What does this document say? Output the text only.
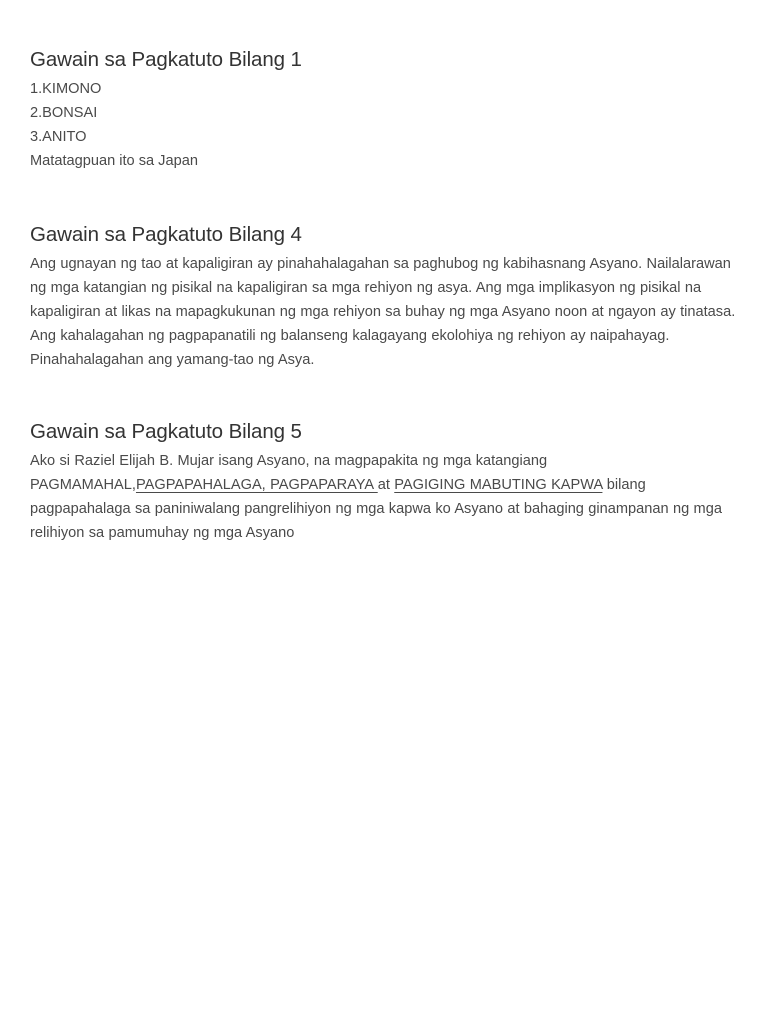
Gawain sa Pagkatuto Bilang 1

1.KIMONO

2.BONSAI

3.ANITO

Matatagpuan ito sa Japan

Gawain sa Pagkatuto Bilang 4

Ang ugnayan ng tao at kapaligiran ay pinahahalagahan sa paghubog ng kabihasnang Asyano. Nailalarawan ng mga katangian ng pisikal na kapaligiran sa mga rehiyon ng asya. Ang mga implikasyon ng pisikal na kapaligiran at likas na mapagkukunan ng mga rehiyon sa buhay ng mga Asyano noon at ngayon ay tinatasa. Ang kahalagahan ng pagpapanatili ng balanseng kalagayang ekolohiya ng rehiyon ay naipahayag. Pinahahalagahan ang yamang-tao ng Asya.

Gawain sa Pagkatuto Bilang 5

Ako si Raziel Elijah B. Mujar isang Asyano, na magpapakita ng mga katangiang PAGMAMAHAL,PAGPAPAHALAGA, PAGPAPARAYA at PAGIGING MABUTING KAPWA bilang pagpapahalaga sa paniniwalang pangrelihiyon ng mga kapwa ko Asyano at bahaging ginampanan ng mga relihiyon sa pamumuhay ng mga Asyano
